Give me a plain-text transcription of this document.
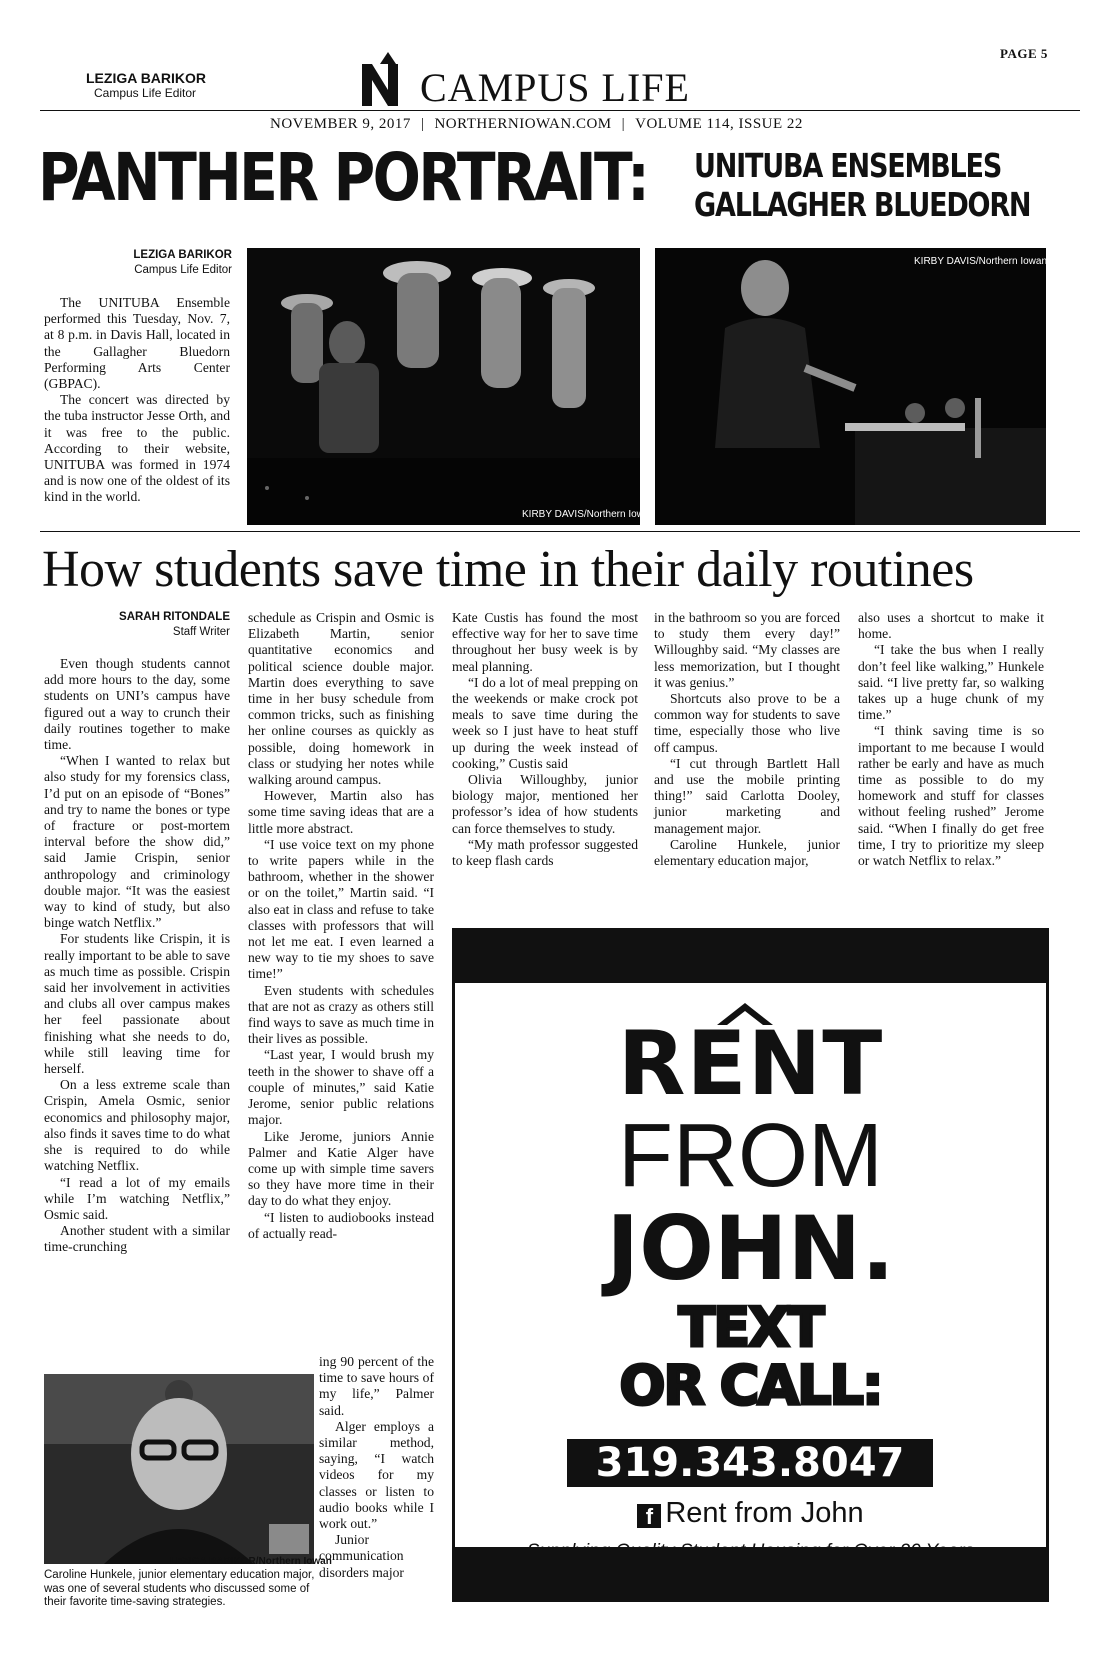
PAGE 5
LEZIGA BARIKOR
Campus Life Editor	CAMPUS LIFE
NOVEMBER 9, 2017 | NORTHERNIOWAN.COM | VOLUME 114, ISSUE 22
PANTHER PORTRAIT: UNITUBA ENSEMBLES
GALLAGHER BLUEDORN
LEZIGA BARIKOR
Campus Life Editor

The UNITUBA Ensemble performed this Tuesday, Nov. 7, at 8 p.m. in Davis Hall, located in the Gallagher Bluedorn Performing Arts Center (GBPAC).

The concert was directed by the tuba instructor Jesse Orth, and it was free to the public. According to their website, UNITUBA was formed in 1974 and is now one of the oldest of its kind in the world.

KIRBY DAVIS/Northern Iowan
KIRBY DAVIS/Northern Iowan
How students save time in their daily routines
SARAH RITONDALE
Staff Writer

Even though students cannot add more hours to the day, some students on UNI’s campus have figured out a way to crunch their daily routines together to make time.

“When I wanted to relax but also study for my forensics class, I’d put on an episode of “Bones” and try to name the bones or type of fracture or post-mortem interval before the show did,” said Jamie Crispin, senior anthropology and criminology double major. “It was the easiest way to kind of study, but also binge watch Netflix.”

For students like Crispin, it is really important to be able to save as much time as possible. Crispin said her involvement in activities and clubs all over campus makes her feel passionate about finishing what she needs to do, while still leaving time for herself.

On a less extreme scale than Crispin, Amela Osmic, senior economics and philosophy major, also finds it saves time to do what she is required to do while watching Netflix.

“I read a lot of my emails while I’m watching Netflix,” Osmic said.

Another student with a similar time-crunching

schedule as Crispin and Osmic is Elizabeth Martin, senior quantitative economics and political science double major. Martin does everything to save time in her busy schedule from common tricks, such as finishing her online courses as quickly as possible, doing homework in class or studying her notes while walking around campus.

However, Martin also has some time saving ideas that are a little more abstract.

“I use voice text on my phone to write papers while in the bathroom, whether in the shower or on the toilet,” Martin said. “I also eat in class and refuse to take classes with professors that will not let me eat. I even learned a new way to tie my shoes to save time!”

Even students with schedules that are not as crazy as others still find ways to save as much time in their lives as possible.

“Last year, I would brush my teeth in the shower to shave off a couple of minutes,” said Katie Jerome, senior public relations major.

Like Jerome, juniors Annie Palmer and Katie Alger have come up with simple time savers so they have more time in their day to do what they enjoy.

“I listen to audiobooks instead of actually read-

ing 90 percent of the time to save hours of my life,” Palmer said.

Alger employs a similar method, saying, “I watch videos for my classes or listen to audio books while I work out.”

Junior communication disorders major

Kate Custis has found the most effective way for her to save time throughout her busy week is by meal planning.

“I do a lot of meal prepping on the weekends or make crock pot meals to save time during the week so I just have to heat stuff up during the week instead of cooking,” Custis said

Olivia Willoughby, junior biology major, mentioned her professor’s idea of how students can force themselves to study.

“My math professor suggested to keep flash cards

in the bathroom so you are forced to study them every day!” Willoughby said. “My classes are less memorization, but I thought it was genius.”

Shortcuts also prove to be a common way for students to save time, especially those who live off campus.

“I cut through Bartlett Hall and use the mobile printing thing!” said Carlotta Dooley, junior marketing and management major.

Caroline Hunkele, junior elementary education major,

also uses a shortcut to make it home.

“I take the bus when I really don’t feel like walking,” Hunkele said. “I live pretty far, so walking takes up a huge chunk of my time.”

“I think saving time is so important to me because I would rather be early and have as much time as possible to do my homework and stuff for classes without feeling rushed” Jerome said. “When I finally do get free time, I try to prioritize my sleep or watch Netflix to relax.”

LEZIGA BARIKOR/Northern Iowan
Caroline Hunkele, junior elementary education major, was one of several students who discussed some of their favorite time-saving strategies.
RENT
FROM
JOHN.
TEXT
OR CALL:
319.343.8047
f Rent from John
